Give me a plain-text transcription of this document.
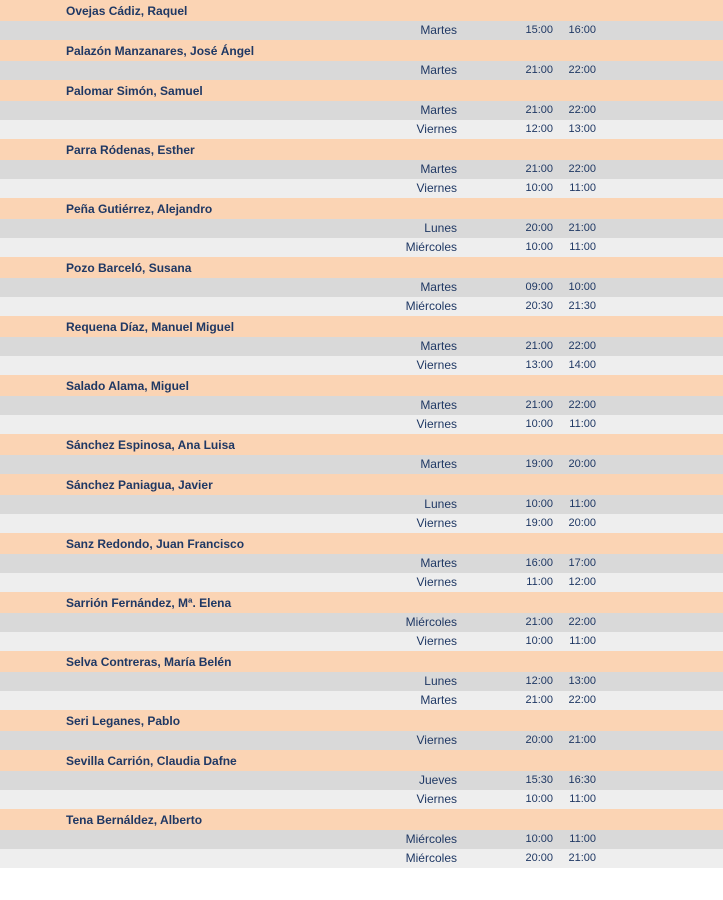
Ovejas Cádiz, Raquel
Martes	15:00 16:00
Palazón Manzanares, José Ángel
Martes	21:00 22:00
Palomar Simón, Samuel
Martes	21:00 22:00
Viernes	12:00 13:00
Parra Ródenas, Esther
Martes	21:00 22:00
Viernes	10:00 11:00
Peña Gutiérrez, Alejandro
Lunes	20:00 21:00
Miércoles	10:00 11:00
Pozo Barceló, Susana
Martes	09:00 10:00
Miércoles	20:30 21:30
Requena Díaz, Manuel Miguel
Martes	21:00 22:00
Viernes	13:00 14:00
Salado Alama, Miguel
Martes	21:00 22:00
Viernes	10:00 11:00
Sánchez Espinosa, Ana Luisa
Martes	19:00 20:00
Sánchez Paniagua, Javier
Lunes	10:00 11:00
Viernes	19:00 20:00
Sanz Redondo, Juan Francisco
Martes	16:00 17:00
Viernes	11:00 12:00
Sarrión Fernández, Mª. Elena
Miércoles	21:00 22:00
Viernes	10:00 11:00
Selva Contreras, María Belén
Lunes	12:00 13:00
Martes	21:00 22:00
Seri Leganes, Pablo
Viernes	20:00 21:00
Sevilla Carrión, Claudia Dafne
Jueves	15:30 16:30
Viernes	10:00 11:00
Tena Bernáldez, Alberto
Miércoles	10:00 11:00
Miércoles	20:00 21:00
